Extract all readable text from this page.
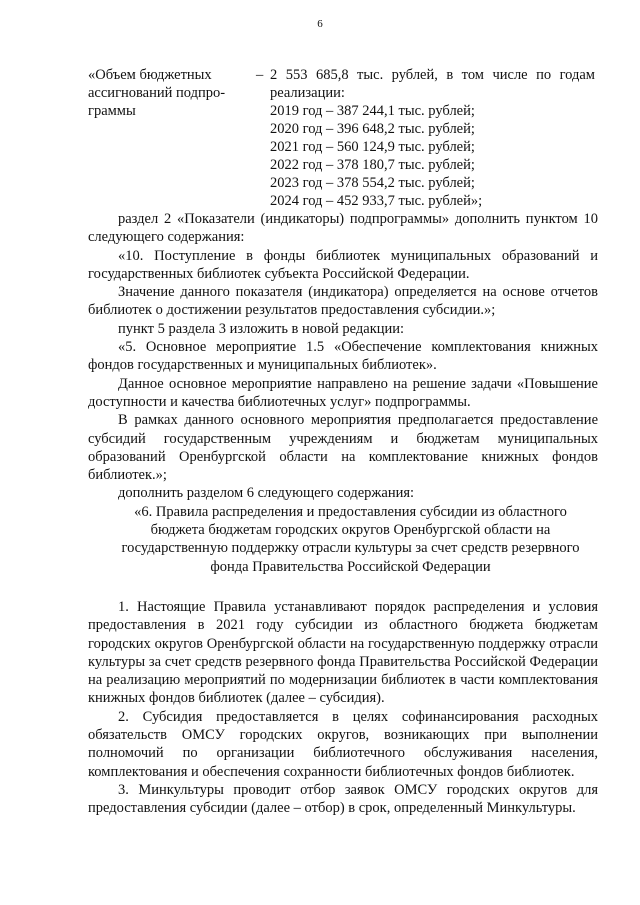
6
«Объем бюджетных
ассигнований подпро-
граммы
– 2 553 685,8 тыс. рублей, в том числе по годам
реализации:
2019 год – 387 244,1 тыс. рублей;
2020 год – 396 648,2 тыс. рублей;
2021 год – 560 124,9 тыс. рублей;
2022 год – 378 180,7 тыс. рублей;
2023 год – 378 554,2 тыс. рублей;
2024 год – 452 933,7 тыс. рублей»;

раздел 2 «Показатели (индикаторы) подпрограммы» дополнить пунктом 10 следующего содержания:

«10. Поступление в фонды библиотек муниципальных образований и государственных библиотек субъекта Российской Федерации.

Значение данного показателя (индикатора) определяется на основе отчетов библиотек о достижении результатов предоставления субсидии.»;

пункт 5 раздела 3 изложить в новой редакции:

«5. Основное мероприятие 1.5 «Обеспечение комплектования книжных фондов государственных и муниципальных библиотек».

Данное основное мероприятие направлено на решение задачи «Повышение доступности и качества библиотечных услуг» подпрограммы.

В рамках данного основного мероприятия предполагается предоставление субсидий государственным учреждениям и бюджетам муниципальных образований Оренбургской области на комплектование книжных фондов библиотек.»;

дополнить разделом 6 следующего содержания:

«6. Правила распределения и предоставления субсидии из областного бюджета бюджетам городских округов Оренбургской области на государственную поддержку отрасли культуры за счет средств резервного фонда Правительства Российской Федерации

1. Настоящие Правила устанавливают порядок распределения и условия предоставления в 2021 году субсидии из областного бюджета бюджетам городских округов Оренбургской области на государственную поддержку отрасли культуры за счет средств резервного фонда Правительства Российской Федерации на реализацию мероприятий по модернизации библиотек в части комплектования книжных фондов библиотек (далее – субсидия).

2. Субсидия предоставляется в целях софинансирования расходных обязательств ОМСУ городских округов, возникающих при выполнении полномочий по организации библиотечного обслуживания населения, комплектования и обеспечения сохранности библиотечных фондов библиотек.

3. Минкультуры проводит отбор заявок ОМСУ городских округов для предоставления субсидии (далее – отбор) в срок, определенный Минкультуры.
